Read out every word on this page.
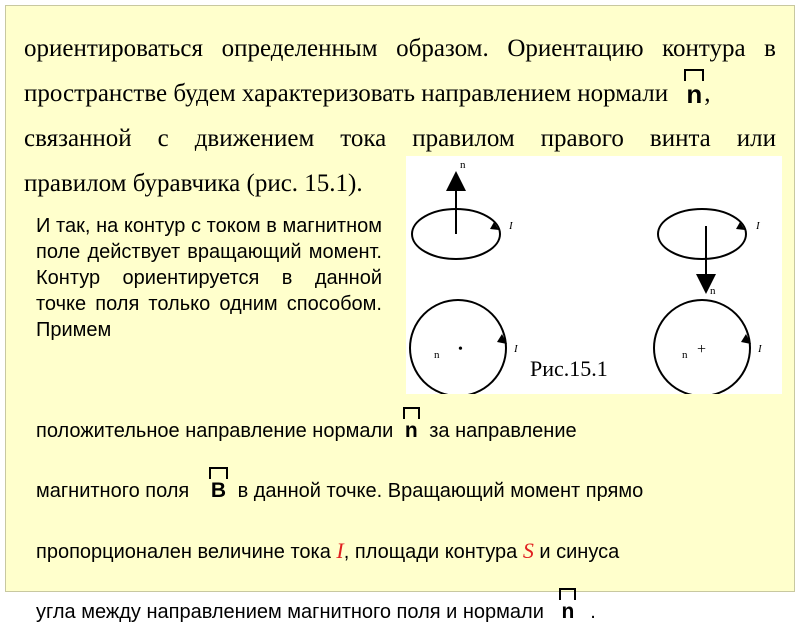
ориентироваться определенным образом. Ориентацию контура в
пространстве будем характеризовать направлением нормали n,
связанной с движением тока правилом правого винта или
правилом буравчика (рис. 15.1).
И так, на контур с током в магнитном поле действует вращающий момент. Контур ориентируется в данной точке поля только одним способом. Примем
n
I
n
I
•
n	I	+
n	I
Рис.15.1
положительное направление нормали n за направление

магнитного поля B в данной точке. Вращающий момент прямо

пропорционален величине тока I, площади контура S и синуса

угла между направлением магнитного поля и нормали n .
